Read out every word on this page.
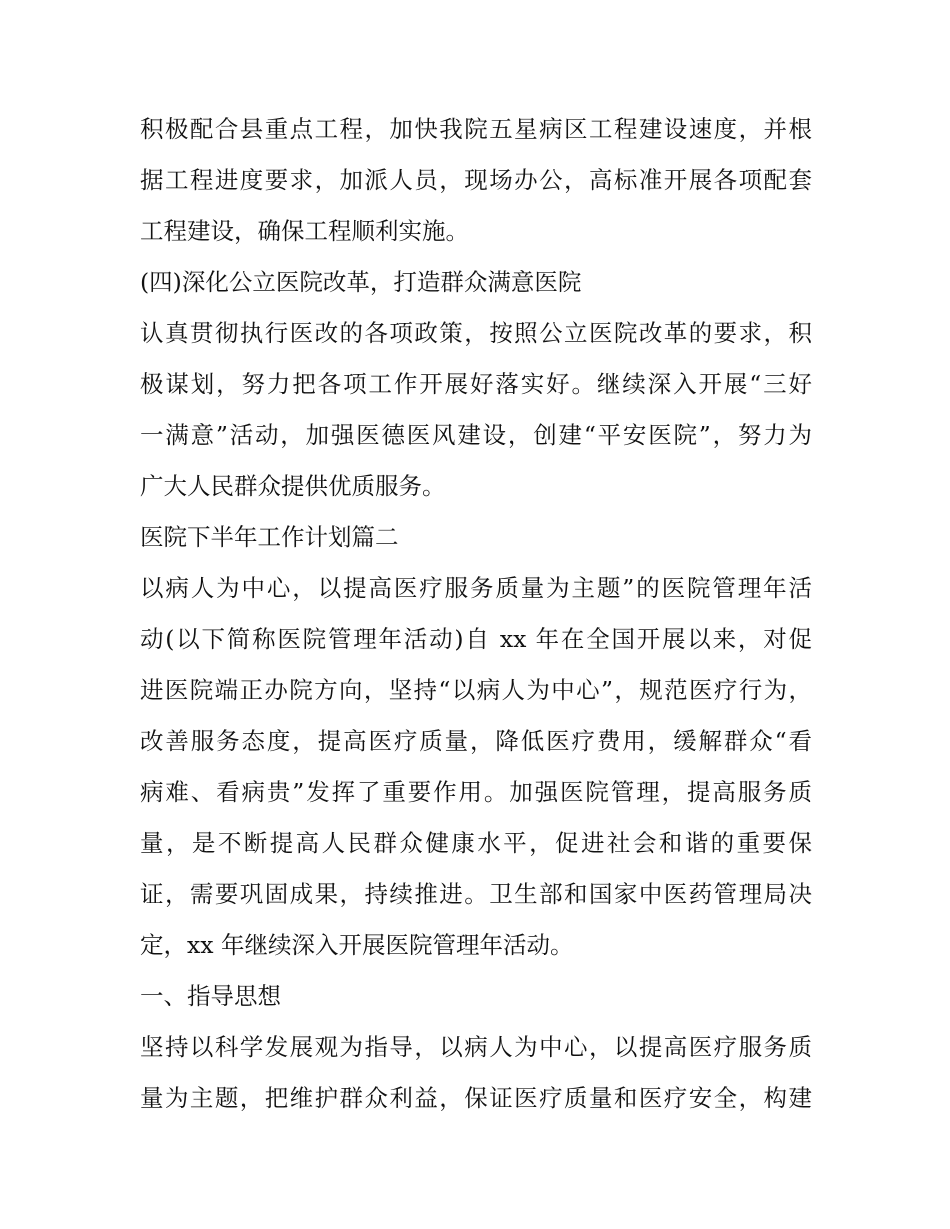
积极配合县重点工程，加快我院五星病区工程建设速度，并根
据工程进度要求，加派人员，现场办公，高标准开展各项配套
工程建设，确保工程顺利实施。
(四)深化公立医院改革，打造群众满意医院
认真贯彻执行医改的各项政策，按照公立医院改革的要求，积
极谋划，努力把各项工作开展好落实好。继续深入开展“三好
一满意”活动，加强医德医风建设，创建“平安医院”，努力为
广大人民群众提供优质服务。
医院下半年工作计划篇二
以病人为中心，以提高医疗服务质量为主题”的医院管理年活
动(以下简称医院管理年活动)自 xx 年在全国开展以来，对促
进医院端正办院方向，坚持“以病人为中心”，规范医疗行为，
改善服务态度，提高医疗质量，降低医疗费用，缓解群众“看
病难、看病贵”发挥了重要作用。加强医院管理，提高服务质
量，是不断提高人民群众健康水平，促进社会和谐的重要保
证，需要巩固成果，持续推进。卫生部和国家中医药管理局决
定，xx 年继续深入开展医院管理年活动。
一、指导思想
坚持以科学发展观为指导，以病人为中心，以提高医疗服务质
量为主题，把维护群众利益，保证医疗质量和医疗安全，构建
